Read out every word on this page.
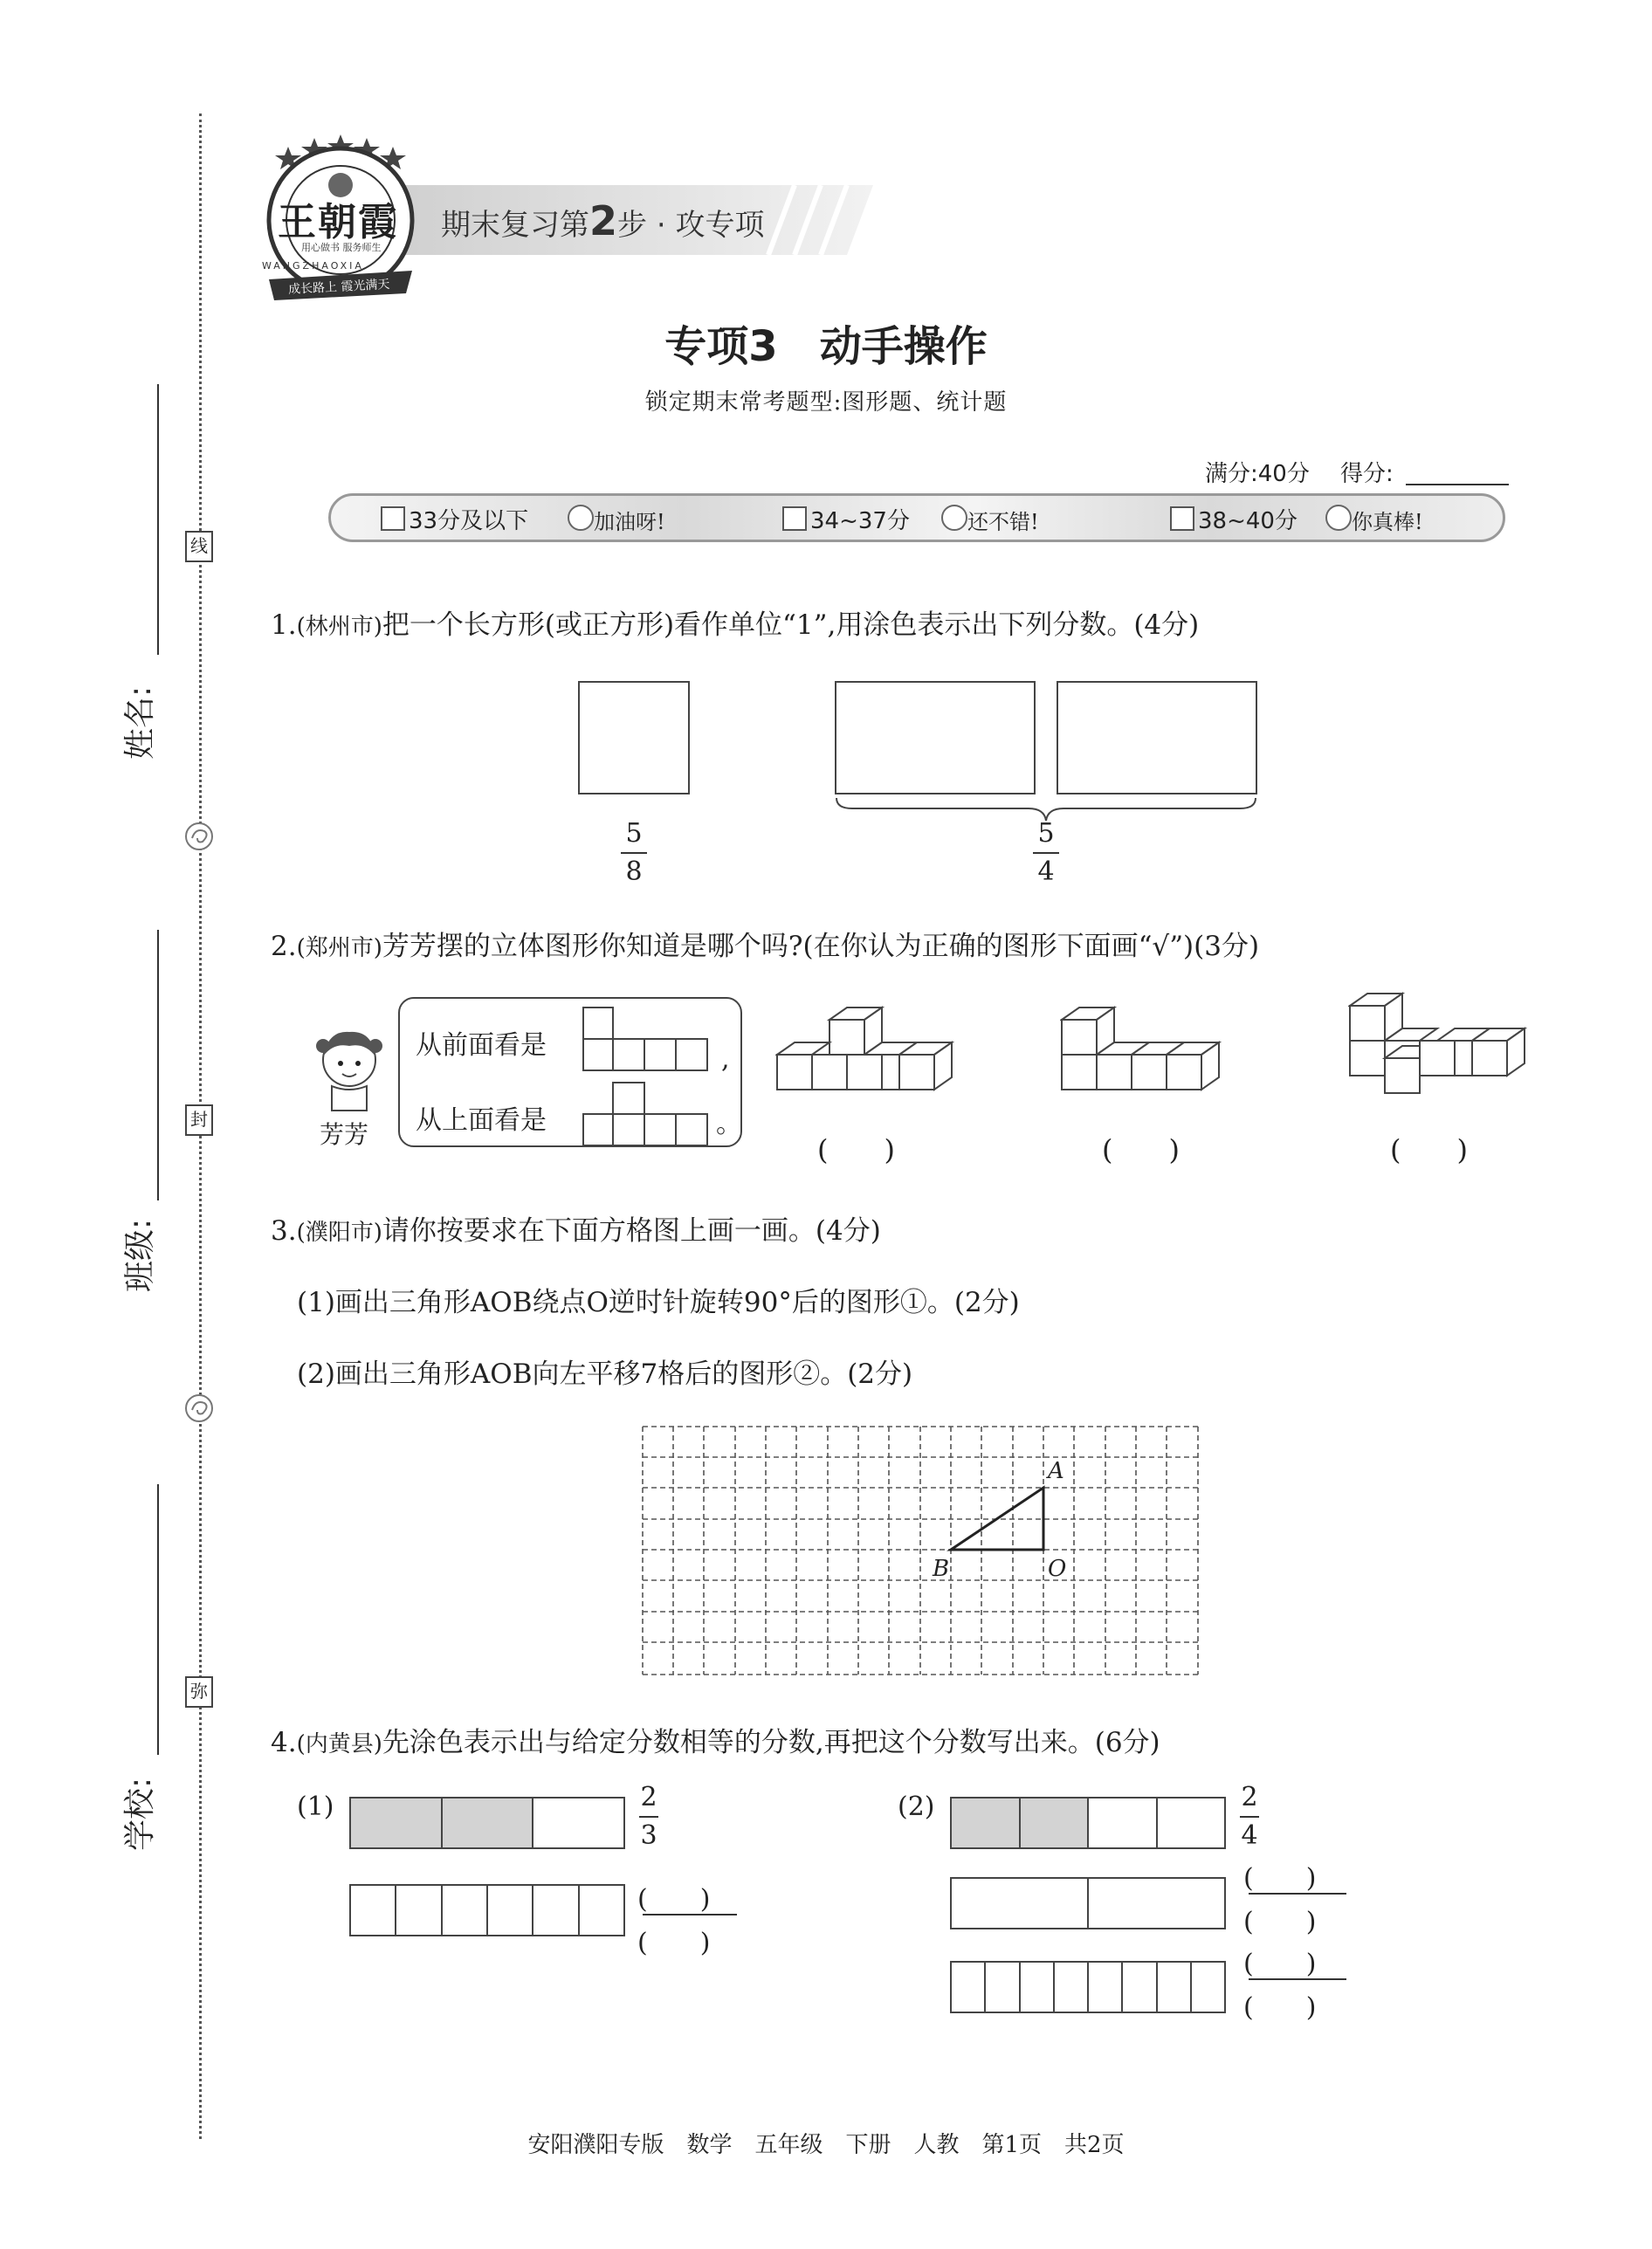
姓名:
班级:
学校:
线
封
弥
期末复习第2步 · 攻专项
王朝霞
用心做书 服务师生
WANGZHAOXIA
成长路上 霞光满天
专项3　动手操作
锁定期末常考题型:图形题、统计题
满分:40分 得分:
33分及以下	加油呀!	34~37分	还不错!	38~40分	你真棒!
1.(林州市)把一个长方形(或正方形)看作单位“1”,用涂色表示出下列分数。(4分)
5
8
5
4
2.(郑州市)芳芳摆的立体图形你知道是哪个吗?(在你认为正确的图形下面画“√”)(3分)
芳芳
从前面看是
从上面看是
,
。
(　　)	(　　)	(　　)
3.(濮阳市)请你按要求在下面方格图上画一画。(4分)
(1)画出三角形AOB绕点O逆时针旋转90°后的图形①。(2分)
(2)画出三角形AOB向左平移7格后的图形②。(2分)
A
B	O
4.(内黄县)先涂色表示出与给定分数相等的分数,再把这个分数写出来。(6分)
(1)	2
3
(　　)
(　　)
(2)	2
4
(　　)
(　　)
(　　)
(　　)
安阳濮阳专版　数学　五年级　下册　人教　第1页　共2页
